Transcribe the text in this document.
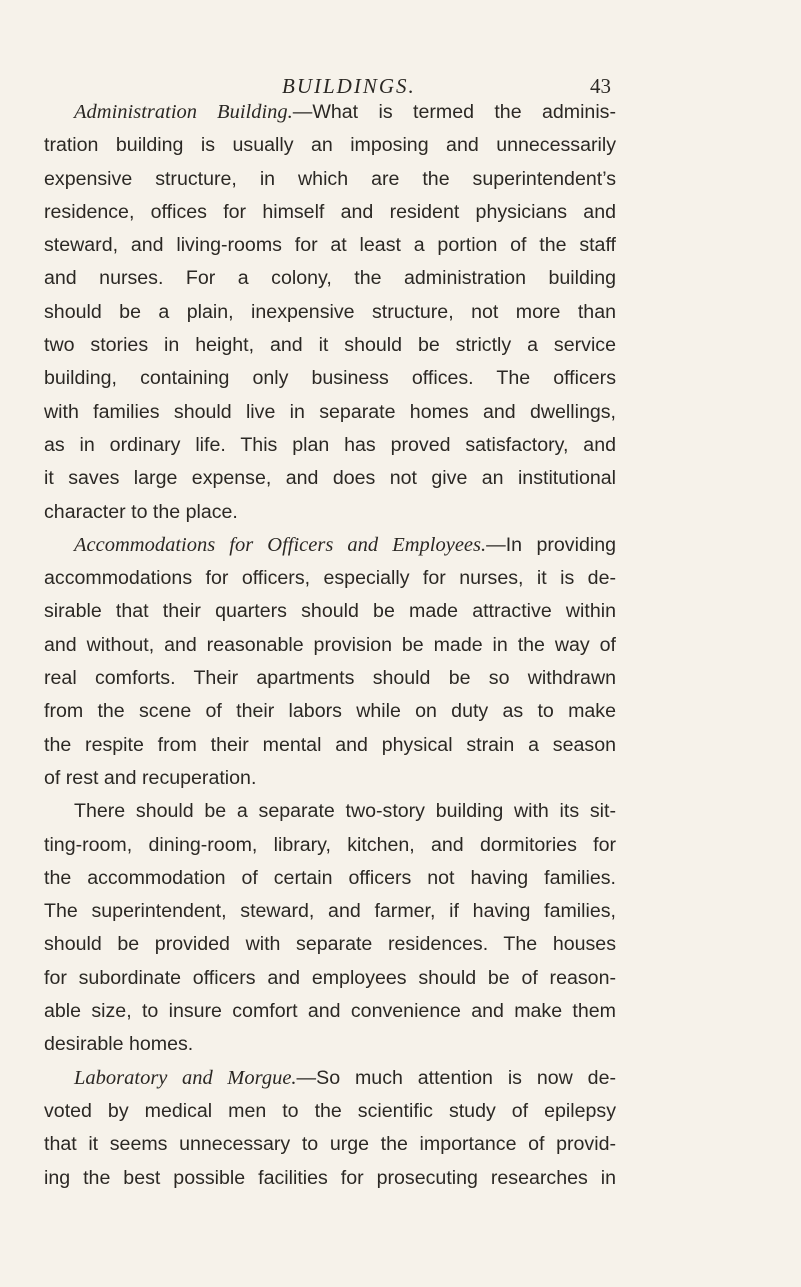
BUILDINGS.	43
Administration Building.—What is termed the adminis-
tration building is usually an imposing and unnecessarily
expensive structure, in which are the superintendent’s
residence, offices for himself and resident physicians and
steward, and living-rooms for at least a portion of the staff
and nurses. For a colony, the administration building
should be a plain, inexpensive structure, not more than
two stories in height, and it should be strictly a service
building, containing only business offices. The officers
with families should live in separate homes and dwellings,
as in ordinary life. This plan has proved satisfactory, and
it saves large expense, and does not give an institutional
character to the place.
Accommodations for Officers and Employees.—In providing
accommodations for officers, especially for nurses, it is de-
sirable that their quarters should be made attractive within
and without, and reasonable provision be made in the way of
real comforts. Their apartments should be so withdrawn
from the scene of their labors while on duty as to make
the respite from their mental and physical strain a season
of rest and recuperation.
There should be a separate two-story building with its sit-
ting-room, dining-room, library, kitchen, and dormitories for
the accommodation of certain officers not having families.
The superintendent, steward, and farmer, if having families,
should be provided with separate residences. The houses
for subordinate officers and employees should be of reason-
able size, to insure comfort and convenience and make them
desirable homes.
Laboratory and Morgue.—So much attention is now de-
voted by medical men to the scientific study of epilepsy
that it seems unnecessary to urge the importance of provid-
ing the best possible facilities for prosecuting researches in
